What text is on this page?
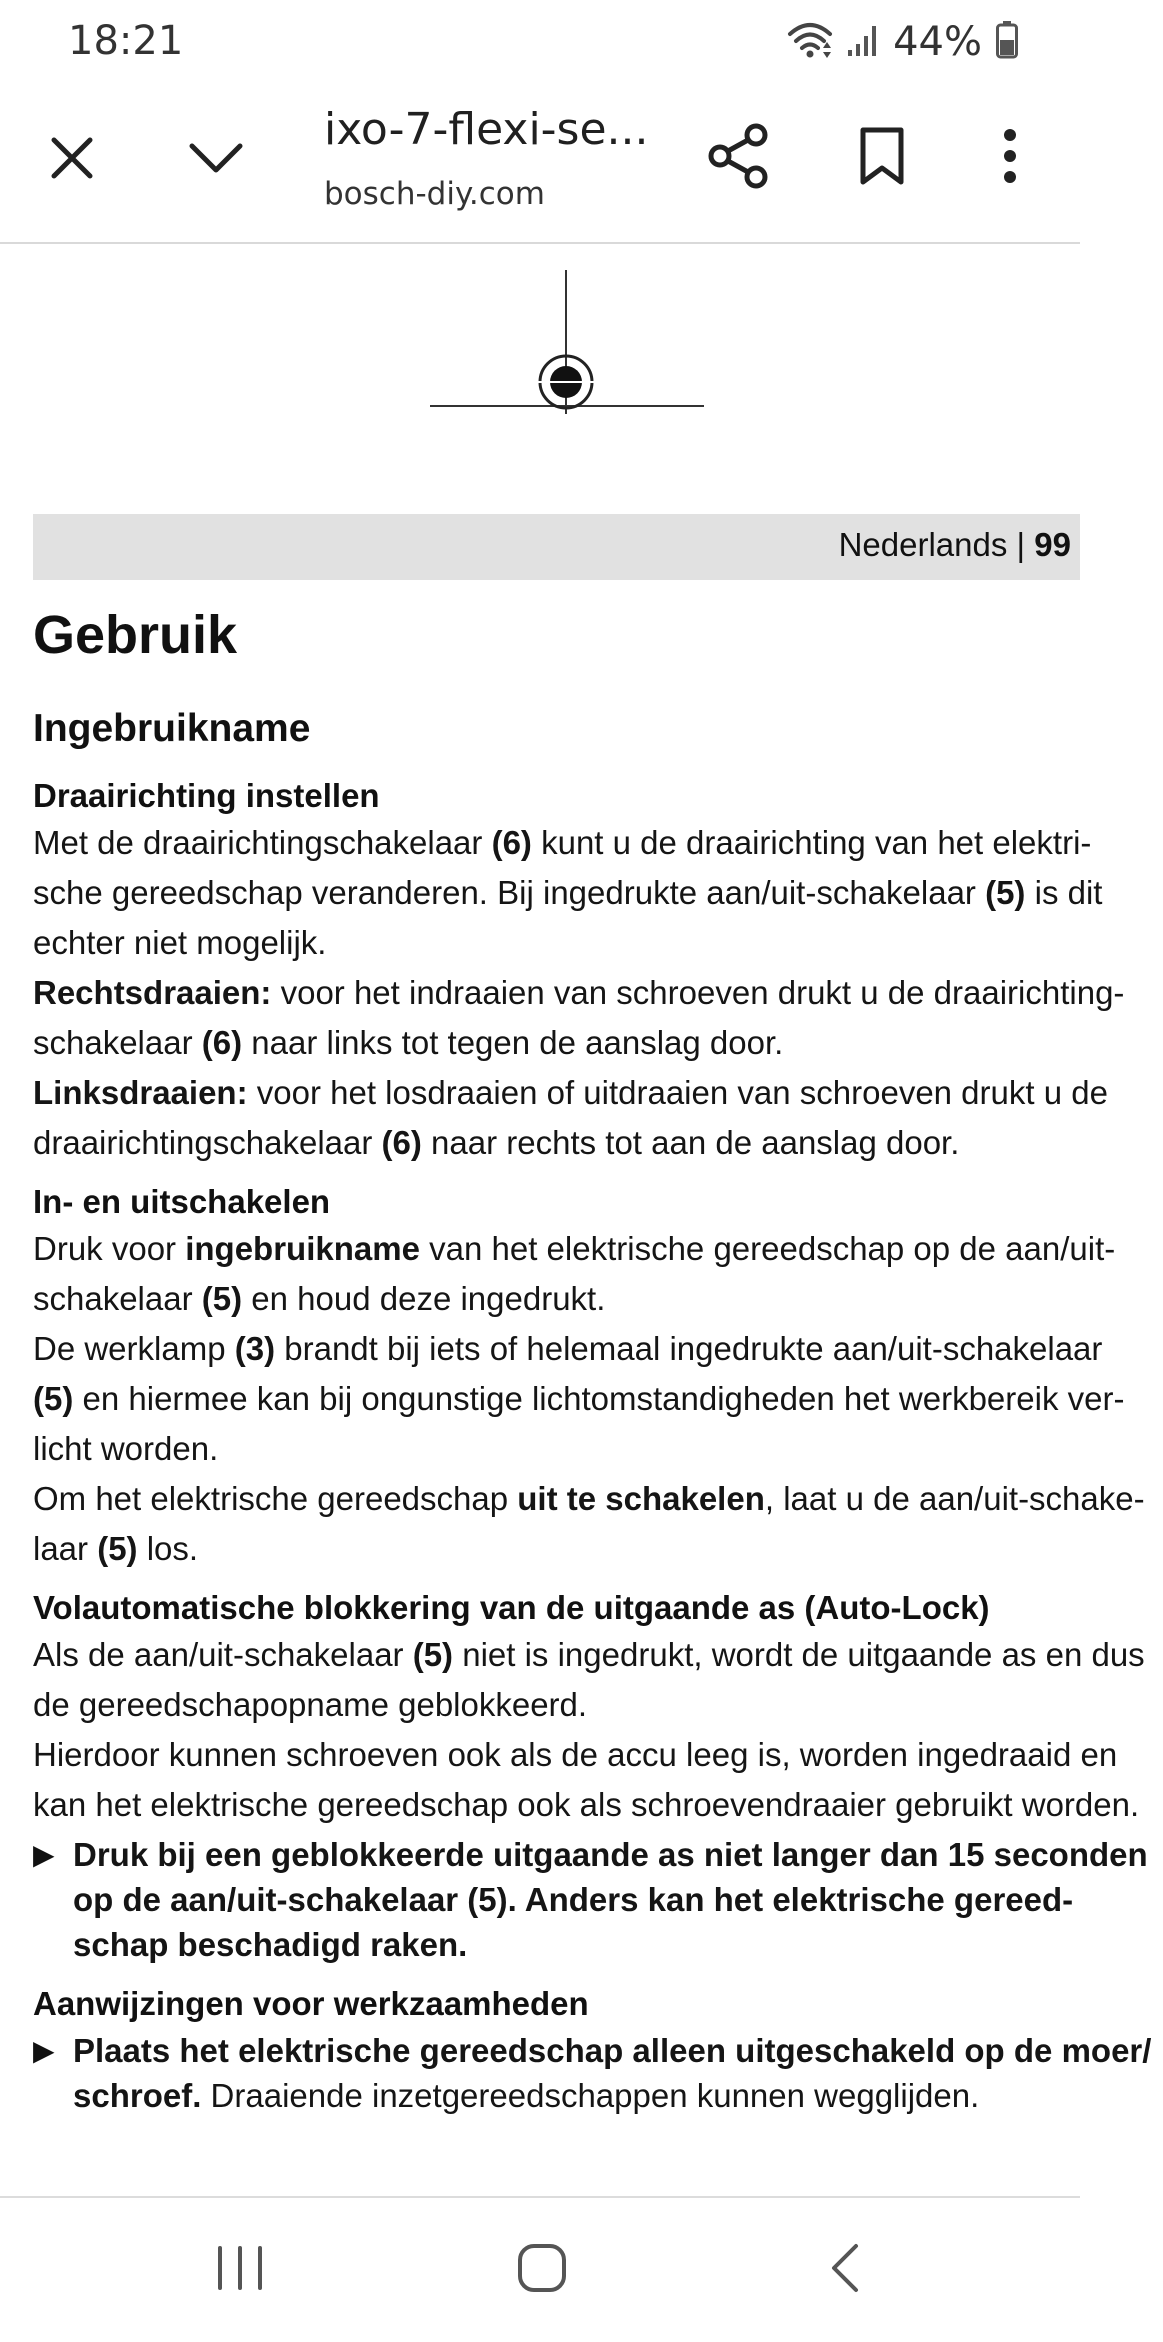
18:21	44%
ixo-7-flexi-se...
bosch-diy.com
Nederlands | 99
Gebruik
Ingebruikname
Draairichting instellen

Met de draairichtingschakelaar (6) kunt u de draairichting van het elektri-

sche gereedschap veranderen. Bij ingedrukte aan/uit-schakelaar (5) is dit

echter niet mogelijk.

Rechtsdraaien: voor het indraaien van schroeven drukt u de draairichting-

schakelaar (6) naar links tot tegen de aanslag door.

Linksdraaien: voor het losdraaien of uitdraaien van schroeven drukt u de

draairichtingschakelaar (6) naar rechts tot aan de aanslag door.

In- en uitschakelen

Druk voor ingebruikname van het elektrische gereedschap op de aan/uit-

schakelaar (5) en houd deze ingedrukt.

De werklamp (3) brandt bij iets of helemaal ingedrukte aan/uit-schakelaar

(5) en hiermee kan bij ongunstige lichtomstandigheden het werkbereik ver-

licht worden.

Om het elektrische gereedschap uit te schakelen, laat u de aan/uit-schake-

laar (5) los.

Volautomatische blokkering van de uitgaande as (Auto-Lock)

Als de aan/uit-schakelaar (5) niet is ingedrukt, wordt de uitgaande as en dus

de gereedschapopname geblokkeerd.

Hierdoor kunnen schroeven ook als de accu leeg is, worden ingedraaid en

kan het elektrische gereedschap ook als schroevendraaier gebruikt worden.

▶ Druk bij een geblokkeerde uitgaande as niet langer dan 15 seconden
op de aan/uit-schakelaar (5). Anders kan het elektrische gereed-
schap beschadigd raken.
Aanwijzingen voor werkzaamheden
▶ Plaats het elektrische gereedschap alleen uitgeschakeld op de moer/
schroef. Draaiende inzetgereedschappen kunnen wegglijden.
